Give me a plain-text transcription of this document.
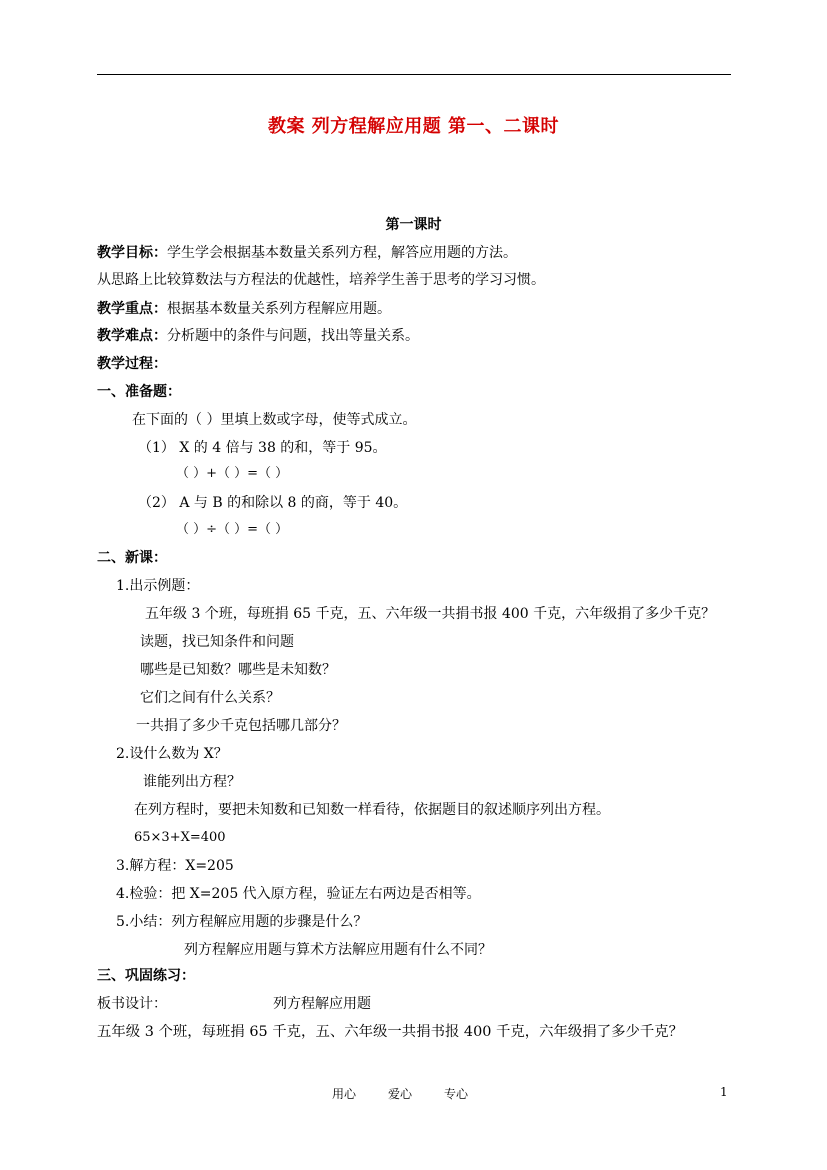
教案 列方程解应用题 第一、二课时
第一课时
教学目标：学生学会根据基本数量关系列方程，解答应用题的方法。
从思路上比较算数法与方程法的优越性，培养学生善于思考的学习习惯。
教学重点：根据基本数量关系列方程解应用题。
教学难点：分析题中的条件与问题，找出等量关系。
教学过程：
一、准备题：
在下面的（ ）里填上数或字母，使等式成立。
（1） X 的 4 倍与 38 的和，等于 95。
（ ）+（ ）=（ ）
（2） A 与 B 的和除以 8 的商，等于 40。
（ ）÷（ ）=（ ）
二、新课：
1.出示例题：
五年级 3 个班，每班捐 65 千克，五、六年级一共捐书报 400 千克，六年级捐了多少千克？
读题，找已知条件和问题
哪些是已知数？哪些是未知数？
它们之间有什么关系？
一共捐了多少千克包括哪几部分？
2.设什么数为 X？
谁能列出方程？
在列方程时，要把未知数和已知数一样看待，依据题目的叙述顺序列出方程。
65×3+X=400
3.解方程：X=205
4.检验：把 X=205 代入原方程，验证左右两边是否相等。
5.小结：列方程解应用题的步骤是什么？
列方程解应用题与算术方法解应用题有什么不同？
三、巩固练习：
板书设计：	列方程解应用题
五年级 3 个班，每班捐 65 千克，五、六年级一共捐书报 400 千克，六年级捐了多少千克？
用心	爱心	专心	1
